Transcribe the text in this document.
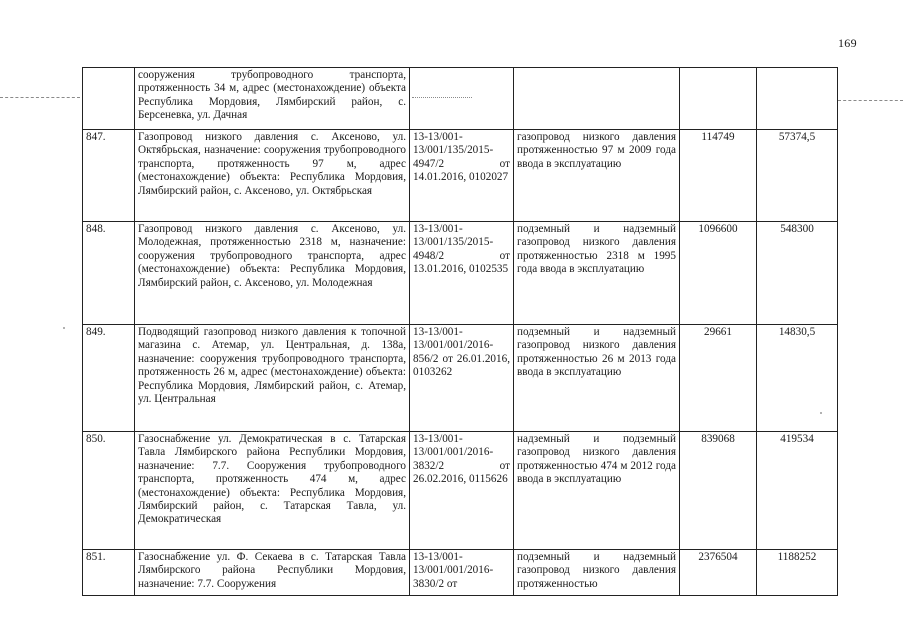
169
	сооружения трубопроводного транспорта, протяженность 34 м, адрес (местонахождение) объекта Республика Мордовия, Лямбирский район, с. Берсеневка, ул. Дачная				
847.	Газопровод низкого давления с. Аксеново, ул. Октябрьская, назначение: сооружения трубопроводного транспорта, протяженность 97 м, адрес (местонахождение) объекта: Республика Мордовия, Лямбирский район, с. Аксеново, ул. Октябрьская	13-13/001-13/001/135/2015-4947/2 от 14.01.2016, 0102027	газопровод низкого давления протяженностью 97 м 2009 года ввода в эксплуатацию	114749	57374,5
848.	Газопровод низкого давления с. Аксеново, ул. Молодежная, протяженностью 2318 м, назначение: сооружения трубопроводного транспорта, адрес (местонахождение) объекта: Республика Мордовия, Лямбирский район, с. Аксеново, ул. Молодежная	13-13/001-13/001/135/2015-4948/2 от 13.01.2016, 0102535	подземный и надземный газопровод низкого давления протяженностью 2318 м 1995 года ввода в эксплуатацию	1096600	548300
849.	Подводящий газопровод низкого давления к топочной магазина с. Атемар, ул. Центральная, д. 138а, назначение: сооружения трубопроводного транспорта, протяженность 26 м, адрес (местонахождение) объекта: Республика Мордовия, Лямбирский район, с. Атемар, ул. Центральная	13-13/001-13/001/001/2016-856/2 от 26.01.2016, 0103262	подземный и надземный газопровод низкого давления протяженностью 26 м 2013 года ввода в эксплуатацию	29661	14830,5
850.	Газоснабжение ул. Демократическая в с. Татарская Тавла Лямбирского района Республики Мордовия, назначение: 7.7. Сооружения трубопроводного транспорта, протяженность 474 м, адрес (местонахождение) объекта: Республика Мордовия, Лямбирский район, с. Татарская Тавла, ул. Демократическая	13-13/001-13/001/001/2016-3832/2 от 26.02.2016, 0115626	надземный и подземный газопровод низкого давления протяженностью 474 м 2012 года ввода в эксплуатацию	839068	419534
851.	Газоснабжение ул. Ф. Секаева в с. Татарская Тавла Лямбирского района Республики Мордовия, назначение: 7.7. Сооружения	13-13/001-13/001/001/2016-3830/2 от	подземный и надземный газопровод низкого давления протяженностью	2376504	1188252
